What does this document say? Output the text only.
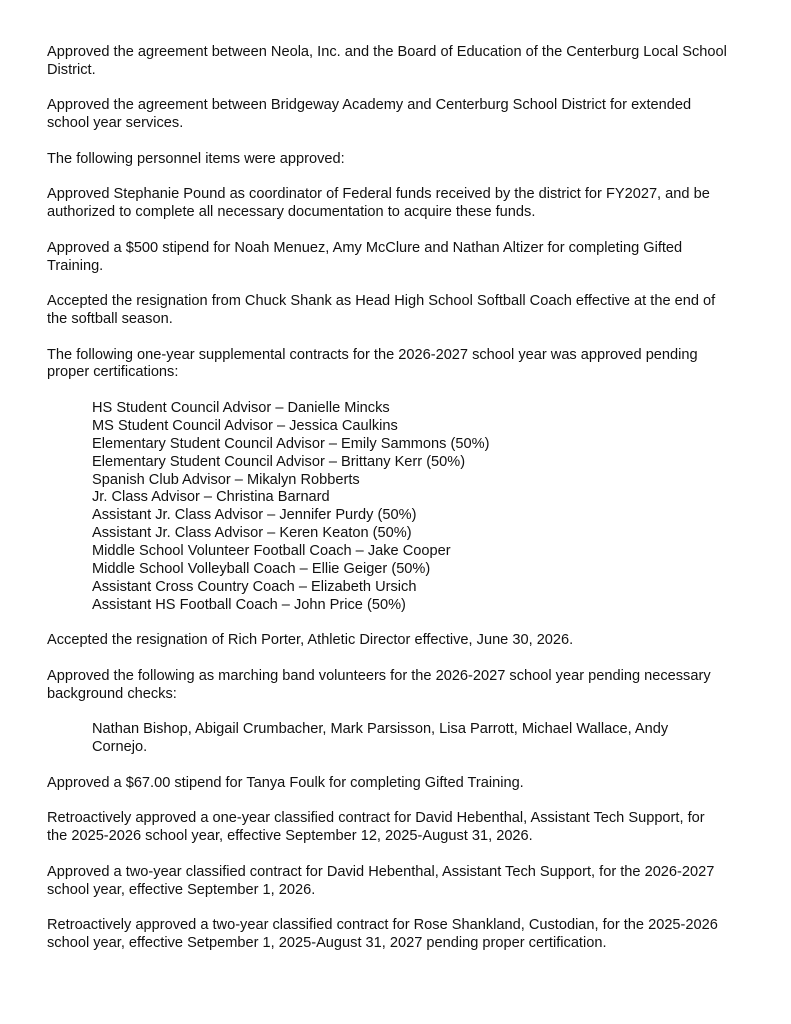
Approved the agreement between Neola, Inc. and the Board of Education of the Centerburg Local School District.

Approved the agreement between Bridgeway Academy and Centerburg School District for extended school year services.

The following personnel items were approved:

Approved Stephanie Pound as coordinator of Federal funds received by the district for FY2027, and be authorized to complete all necessary documentation to acquire these funds.

Approved a $500 stipend for Noah Menuez, Amy McClure and Nathan Altizer for completing Gifted Training.

Accepted the resignation from Chuck Shank as Head High School Softball Coach effective at the end of the softball season.

The following one-year supplemental contracts for the 2026-2027 school year was approved pending proper certifications:

HS Student Council Advisor – Danielle Mincks
MS Student Council Advisor – Jessica Caulkins
Elementary Student Council Advisor – Emily Sammons (50%)
Elementary Student Council Advisor – Brittany Kerr (50%)
Spanish Club Advisor – Mikalyn Robberts
Jr. Class Advisor – Christina Barnard
Assistant Jr. Class Advisor – Jennifer Purdy (50%)
Assistant Jr. Class Advisor – Keren Keaton (50%)
Middle School Volunteer Football Coach – Jake Cooper
Middle School Volleyball Coach – Ellie Geiger (50%)
Assistant Cross Country Coach – Elizabeth Ursich
Assistant HS Football Coach – John Price (50%)

Accepted the resignation of Rich Porter, Athletic Director effective, June 30, 2026.

Approved the following as marching band volunteers for the 2026-2027 school year pending necessary background checks:

Nathan Bishop, Abigail Crumbacher, Mark Parsisson, Lisa Parrott, Michael Wallace, Andy Cornejo.

Approved a $67.00 stipend for Tanya Foulk for completing Gifted Training.

Retroactively approved a one-year classified contract for David Hebenthal, Assistant Tech Support, for the 2025-2026 school year, effective September 12, 2025-August 31, 2026.

Approved a two-year classified contract for David Hebenthal, Assistant Tech Support, for the 2026-2027 school year, effective September 1, 2026.

Retroactively approved a two-year classified contract for Rose Shankland, Custodian, for the 2025-2026 school year, effective Setpember 1, 2025-August 31, 2027 pending proper certification.
